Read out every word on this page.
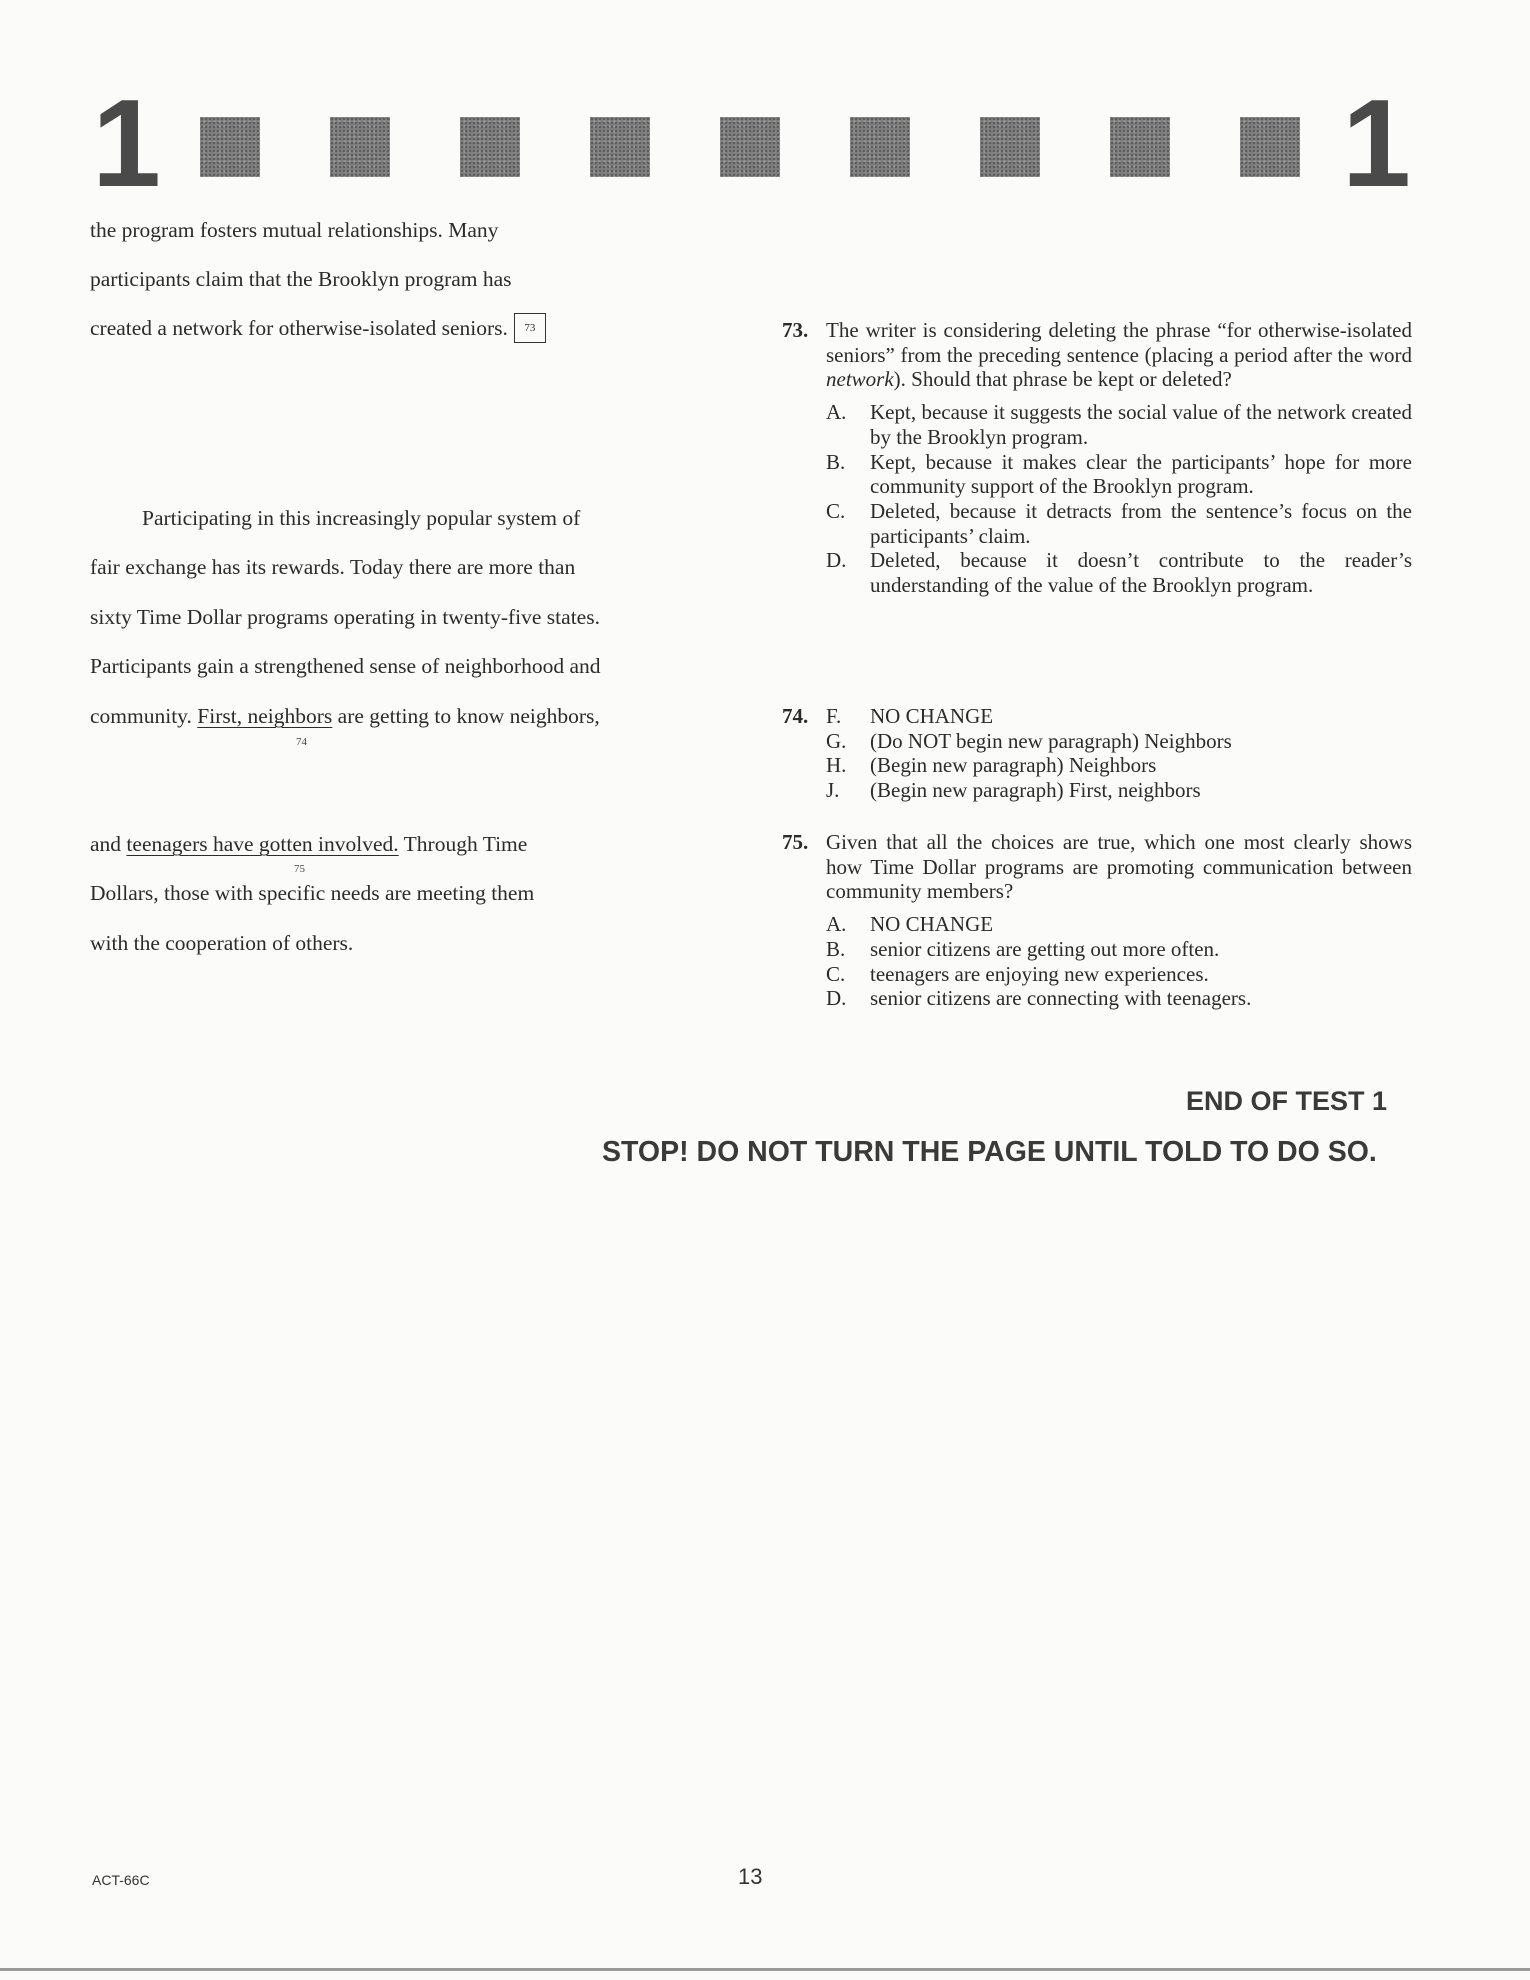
1	1
the program fosters mutual relationships. Many
participants claim that the Brooklyn program has
created a network for otherwise-isolated seniors. 73
Participating in this increasingly popular system of
fair exchange has its rewards. Today there are more than
sixty Time Dollar programs operating in twenty-five states.
Participants gain a strengthened sense of neighborhood and
community. First, neighbors are getting to know neighbors,
74
and teenagers have gotten involved. Through Time
75
Dollars, those with specific needs are meeting them
with the cooperation of others.
73. The writer is considering deleting the phrase “for otherwise-isolated seniors” from the preceding sentence (placing a period after the word network). Should that phrase be kept or deleted?
A.	Kept, because it suggests the social value of the network created by the Brooklyn program.
B.	Kept, because it makes clear the participants’ hope for more community support of the Brooklyn program.
C.	Deleted, because it detracts from the sentence’s focus on the participants’ claim.
D.	Deleted, because it doesn’t contribute to the reader’s understanding of the value of the Brooklyn program.
74. F.	NO CHANGE
G.	(Do NOT begin new paragraph) Neighbors
H.	(Begin new paragraph) Neighbors
J.	(Begin new paragraph) First, neighbors
75. Given that all the choices are true, which one most clearly shows how Time Dollar programs are promoting communication between community members?
A.	NO CHANGE
B.	senior citizens are getting out more often.
C.	teenagers are enjoying new experiences.
D.	senior citizens are connecting with teenagers.
END OF TEST 1
STOP! DO NOT TURN THE PAGE UNTIL TOLD TO DO SO.
ACT-66C	13
